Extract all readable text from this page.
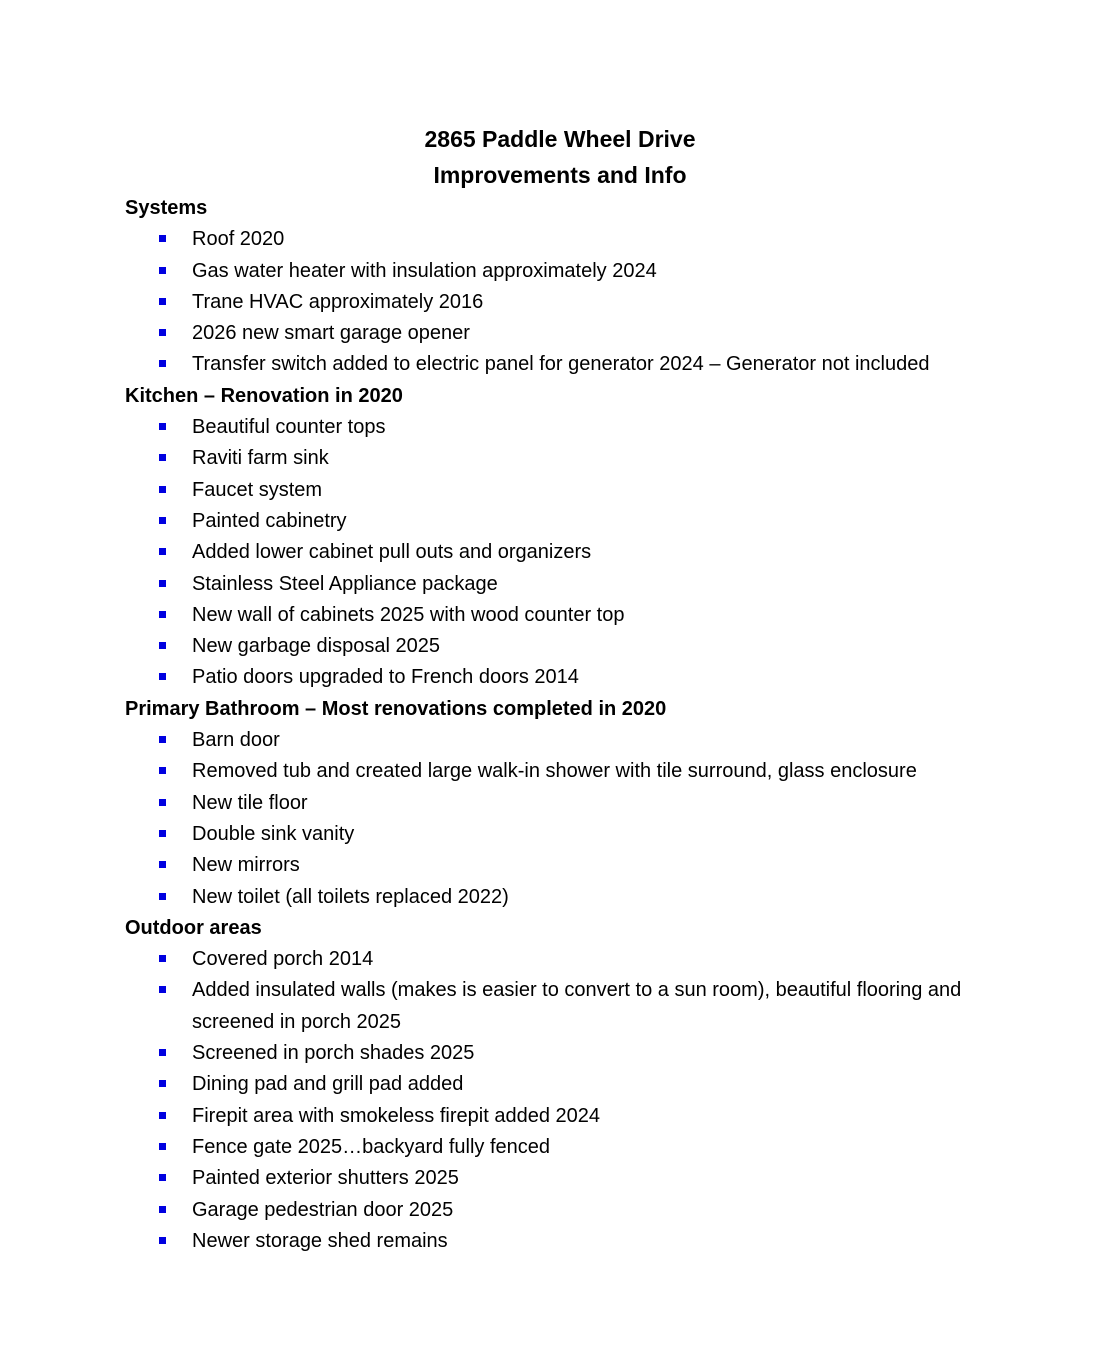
2865 Paddle Wheel Drive
Improvements and Info
Systems
Roof 2020
Gas water heater with insulation approximately 2024
Trane HVAC approximately 2016
2026 new smart garage opener
Transfer switch added to electric panel for generator 2024 – Generator not included
Kitchen – Renovation in 2020
Beautiful counter tops
Raviti farm sink
Faucet system
Painted cabinetry
Added lower cabinet pull outs and organizers
Stainless Steel Appliance package
New wall of cabinets 2025 with wood counter top
New garbage disposal 2025
Patio doors upgraded to French doors 2014
Primary Bathroom – Most renovations completed in 2020
Barn door
Removed tub and created large walk-in shower with tile surround, glass enclosure
New tile floor
Double sink vanity
New mirrors
New toilet (all toilets replaced 2022)
Outdoor areas
Covered porch 2014
Added insulated walls (makes is easier to convert to a sun room), beautiful flooring and screened in porch 2025
Screened in porch shades 2025
Dining pad and grill pad added
Firepit area with smokeless firepit added 2024
Fence gate 2025…backyard fully fenced
Painted exterior shutters 2025
Garage pedestrian door 2025
Newer storage shed remains
